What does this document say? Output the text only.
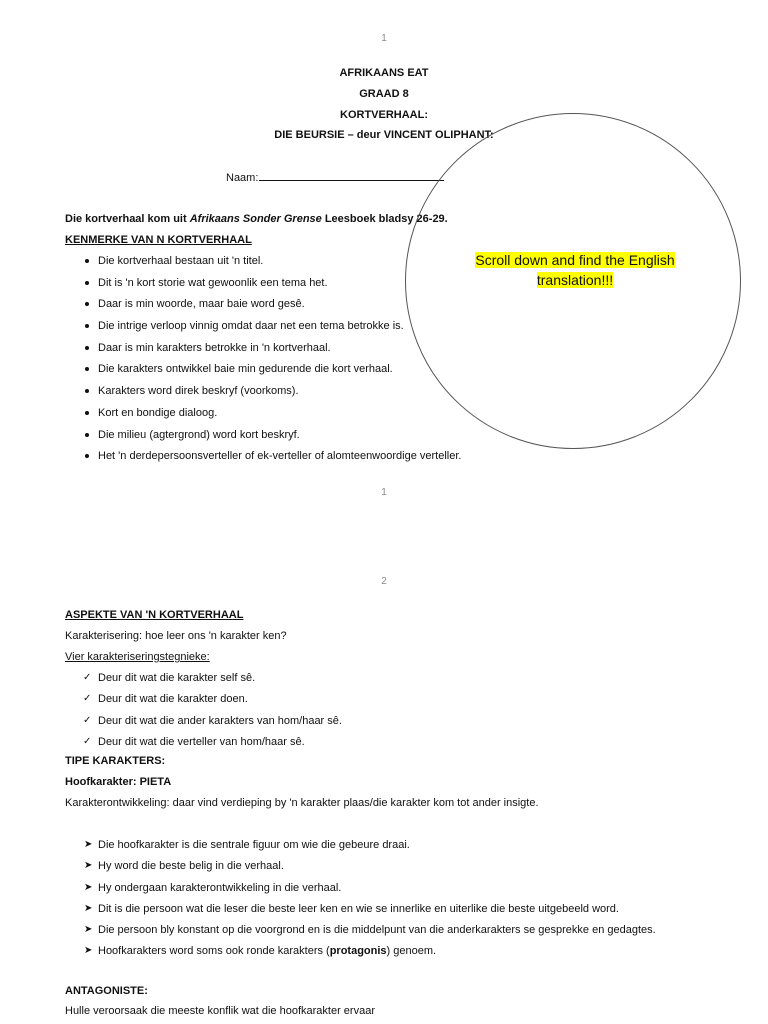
1
AFRIKAANS EAT
GRAAD 8
KORTVERHAAL:
DIE BEURSIE – deur VINCENT OLIPHANT:
Naam:
Die kortverhaal kom uit Afrikaans Sonder Grense Leesboek bladsy 26-29.
KENMERKE VAN N KORTVERHAAL
Die kortverhaal bestaan uit 'n titel.
Dit is 'n kort storie wat gewoonlik een tema het.
Daar is min woorde, maar baie word gesê.
Die intrige verloop vinnig omdat daar net een tema betrokke is.
Daar is min karakters betrokke in 'n kortverhaal.
Die karakters ontwikkel baie min gedurende die kort verhaal.
Karakters word direk beskryf (voorkoms).
Kort en bondige dialoog.
Die milieu (agtergrond) word kort beskryf.
Het 'n derdepersoonsverteller of ek-verteller of alomteenwoordige verteller.
Scroll down and find the English translation!!!
1
2
ASPEKTE VAN 'N KORTVERHAAL
Karakterisering: hoe leer ons 'n karakter ken?
Vier karakteriseringstegnieke:
✓ Deur dit wat die karakter self sê.
✓ Deur dit wat die karakter doen.
✓ Deur dit wat die ander karakters van hom/haar sê.
✓ Deur dit wat die verteller van hom/haar sê.
TIPE KARAKTERS:
Hoofkarakter: PIETA
Karakterontwikkeling: daar vind verdieping by 'n karakter plaas/die karakter kom tot ander insigte.
➤ Die hoofkarakter is die sentrale figuur om wie die gebeure draai.
➤ Hy word die beste belig in die verhaal.
➤ Hy ondergaan karakterontwikkeling in die verhaal.
➤ Dit is die persoon wat die leser die beste leer ken en wie se innerlike en uiterlike die beste uitgebeeld word.
➤ Die persoon bly konstant op die voorgrond en is die middelpunt van die anderkarakters se gesprekke en gedagtes.
➤ Hoofkarakters word soms ook ronde karakters (protagonis) genoem.
ANTAGONISTE:
Hulle veroorsaak die meeste konflik wat die hoofkarakter ervaar
